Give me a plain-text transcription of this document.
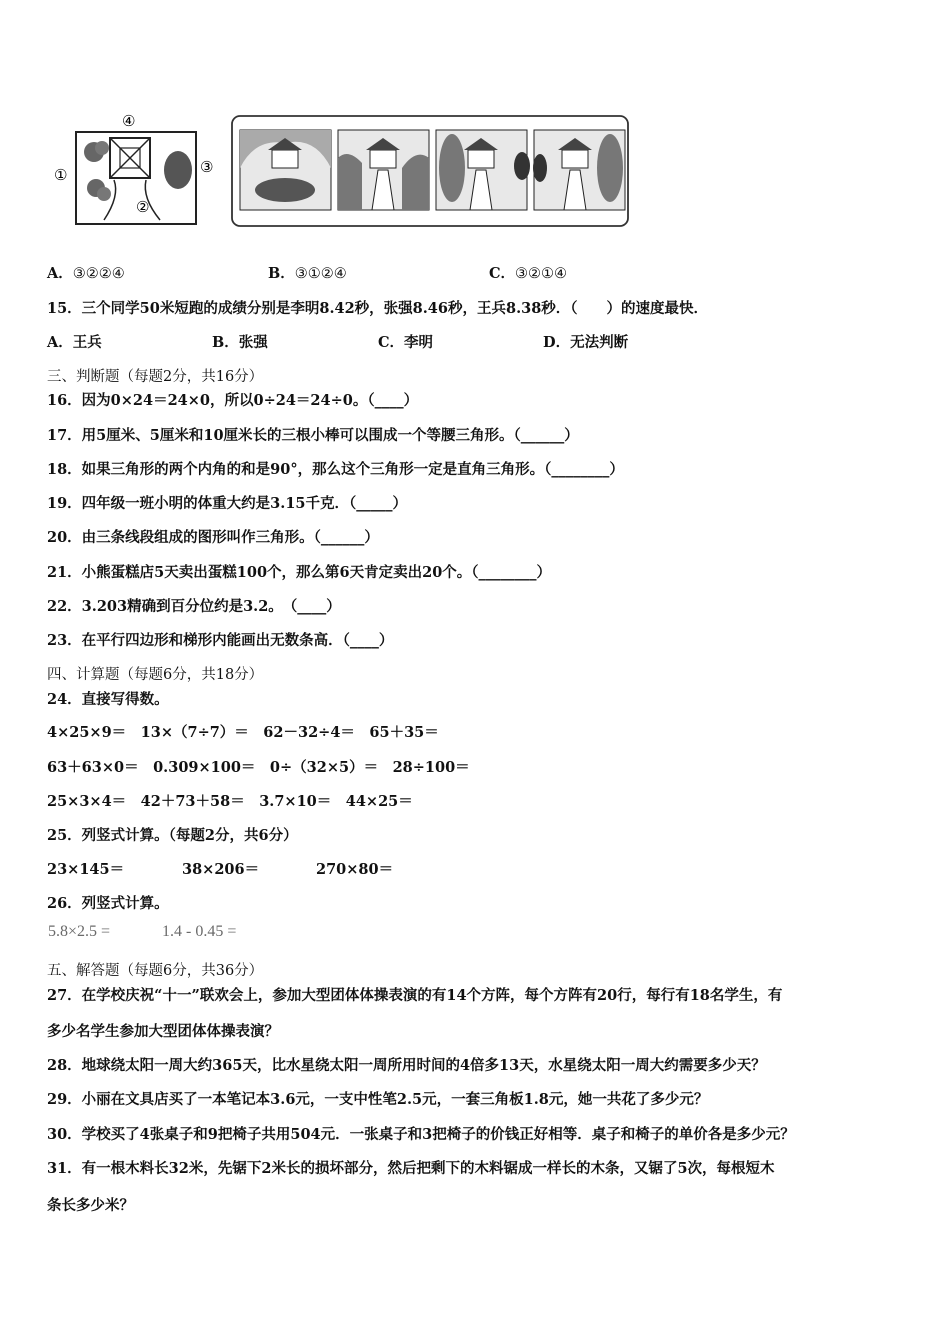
①
④
②
③
·
A．③②②④	B．③①②④	C．③②①④
15．三个同学50米短跑的成绩分别是李明8.42秒，张强8.46秒，王兵8.38秒．（　　）的速度最快．
A．王兵	B．张强	C．李明	D．无法判断
三、判断题（每题2分，共16分）
16．因为0×24＝24×0，所以0÷24＝24÷0。（____）
17．用5厘米、5厘米和10厘米长的三根小棒可以围成一个等腰三角形。（______）
18．如果三角形的两个内角的和是90°，那么这个三角形一定是直角三角形。（________）
19．四年级一班小明的体重大约是3.15千克．（_____）
20．由三条线段组成的图形叫作三角形。（______）
21．小熊蛋糕店5天卖出蛋糕100个，那么第6天肯定卖出20个。（________）
22．3.203精确到百分位约是3.2。　（____）
23．在平行四边形和梯形内能画出无数条高．（____）
四、计算题（每题6分，共18分）
24．直接写得数。
4×25×9＝　13×（7÷7）＝　62－32÷4＝　65＋35＝
63＋63×0＝　0.309×100＝　0÷（32×5）＝　28÷100＝
25×3×4＝　42＋73＋58＝　3.7×10＝　44×25＝
25．列竖式计算。（每题2分，共6分）
23×145＝	38×206＝	270×80＝
26．列竖式计算。
5.8×2.5 =	1.4 - 0.45 =
五、解答题（每题6分，共36分）
27．在学校庆祝“十一”联欢会上，参加大型团体体操表演的有14个方阵，每个方阵有20行，每行有18名学生，有
多少名学生参加大型团体体操表演？
28．地球绕太阳一周大约365天，比水星绕太阳一周所用时间的4倍多13天，水星绕太阳一周大约需要多少天？
29．小丽在文具店买了一本笔记本3.6元，一支中性笔2.5元，一套三角板1.8元，她一共花了多少元？
30．学校买了4张桌子和9把椅子共用504元．一张桌子和3把椅子的价钱正好相等．桌子和椅子的单价各是多少元？
31．有一根木料长32米，先锯下2米长的损坏部分，然后把剩下的木料锯成一样长的木条，又锯了5次，每根短木
条长多少米？
